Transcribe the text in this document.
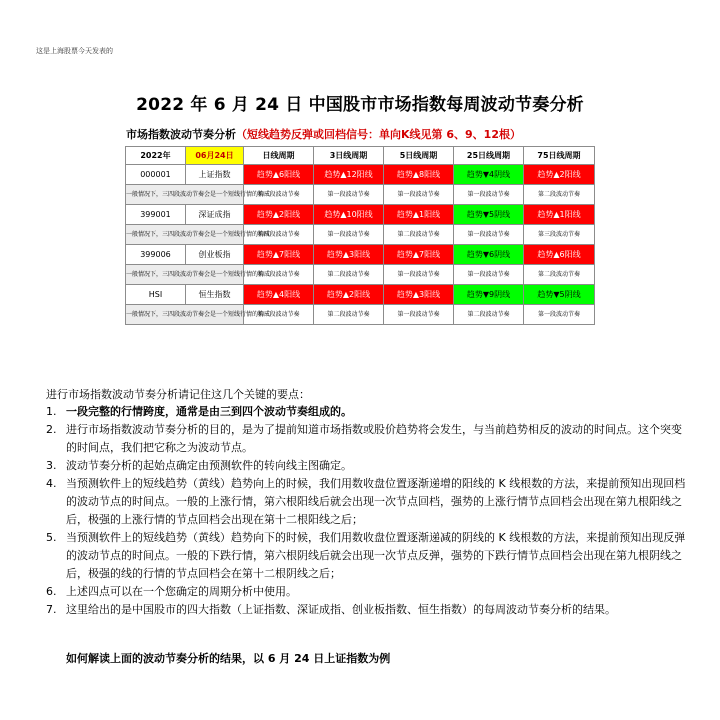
这是上海股票今天发表的
2022 年 6 月 24 日 中国股市市场指数每周波动节奏分析
市场指数波动节奏分析（短线趋势反弹或回档信号：单向K线见第 6、9、12根）
2022年	06月24日	日线周期	3日线周期	5日线周期	25日线周期	75日线周期
000001	上证指数	趋势▲6阳线	趋势▲12阳线	趋势▲8阳线	趋势▼4阴线	趋势▲2阳线
一般情况下，三四段波动节奏会是一个短线行情的构成		第三段波动节奏	第一段波动节奏	第一段波动节奏	第一段波动节奏	第二段波动节奏
399001	深证成指	趋势▲2阳线	趋势▲10阳线	趋势▲1阳线	趋势▼5阴线	趋势▲1阳线
一般情况下，三四段波动节奏会是一个短线行情的构成		第四段波动节奏	第一段波动节奏	第二段波动节奏	第一段波动节奏	第三段波动节奏
399006	创业板指	趋势▲7阳线	趋势▲3阳线	趋势▲7阳线	趋势▼6阴线	趋势▲6阳线
一般情况下，三四段波动节奏会是一个短线行情的构成		第二段波动节奏	第二段波动节奏	第一段波动节奏	第一段波动节奏	第二段波动节奏
HSI	恒生指数	趋势▲4阳线	趋势▲2阳线	趋势▲3阳线	趋势▼9阴线	趋势▼5阴线
一般情况下，三四段波动节奏会是一个短线行情的构成		第三段波动节奏	第二段波动节奏	第一段波动节奏	第二段波动节奏	第一段波动节奏
进行市场指数波动节奏分析请记住这几个关键的要点：
1. 一段完整的行情跨度，通常是由三到四个波动节奏组成的。
2. 进行市场指数波动节奏分析的目的，是为了提前知道市场指数或股价趋势将会发生，与当前趋势相反的波动的时间点。这个突变的时间点，我们把它称之为波动节点。
3. 波动节奏分析的起始点确定由预测软件的转向线主图确定。
4. 当预测软件上的短线趋势（黄线）趋势向上的时候，我们用数收盘位置逐渐递增的阳线的 K 线根数的方法，来提前预知出现回档的波动节点的时间点。一般的上涨行情，第六根阳线后就会出现一次节点回档，强势的上涨行情节点回档会出现在第九根阳线之后，极强的上涨行情的节点回档会出现在第十二根阳线之后；
5. 当预测软件上的短线趋势（黄线）趋势向下的时候，我们用数收盘位置逐渐递减的阴线的 K 线根数的方法，来提前预知出现反弹的波动节点的时间点。一般的下跌行情，第六根阴线后就会出现一次节点反弹，强势的下跌行情节点回档会出现在第九根阴线之后，极强的线的行情的节点回档会在第十二根阴线之后；
6. 上述四点可以在一个您确定的周期分析中使用。
7. 这里给出的是中国股市的四大指数（上证指数、深证成指、创业板指数、恒生指数）的每周波动节奏分析的结果。
如何解读上面的波动节奏分析的结果，以 6 月 24 日上证指数为例
